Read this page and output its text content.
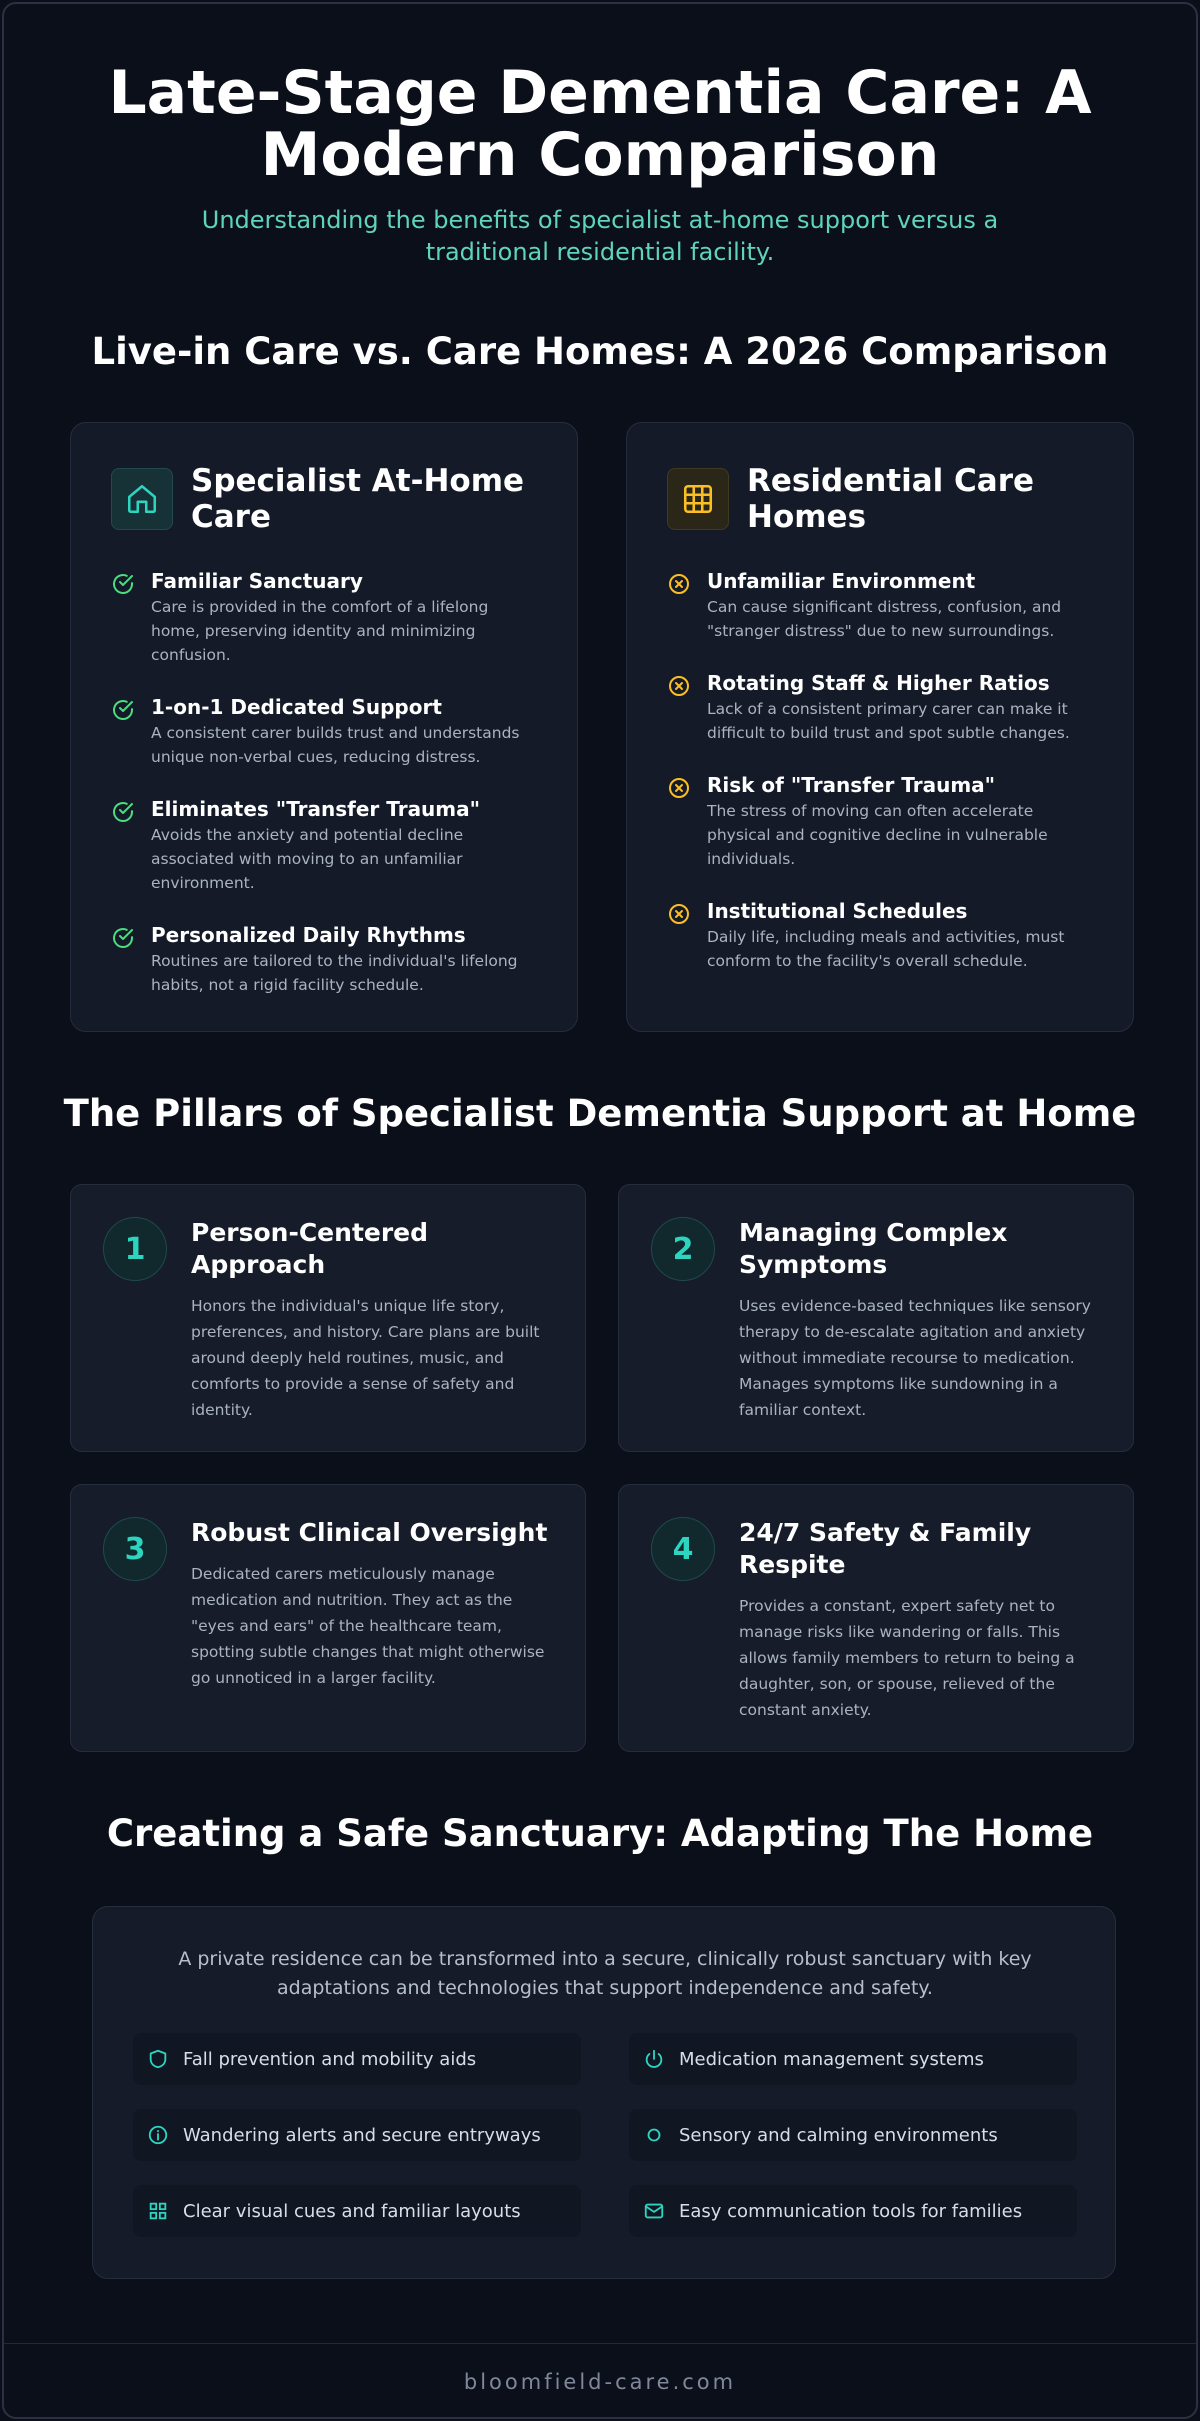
Late-Stage Dementia Care: A Modern Comparison

Understanding the benefits of specialist at-home support versus a traditional residential facility.

Live-in Care vs. Care Homes: A 2026 Comparison
Specialist At-Home Care
Familiar Sanctuary
Care is provided in the comfort of a lifelong home, preserving identity and minimizing confusion.
1-on-1 Dedicated Support
A consistent carer builds trust and understands unique non-verbal cues, reducing distress.
Eliminates "Transfer Trauma"
Avoids the anxiety and potential decline associated with moving to an unfamiliar environment.
Personalized Daily Rhythms
Routines are tailored to the individual's lifelong habits, not a rigid facility schedule.
Residential Care Homes
Unfamiliar Environment
Can cause significant distress, confusion, and "stranger distress" due to new surroundings.
Rotating Staff & Higher Ratios
Lack of a consistent primary carer can make it difficult to build trust and spot subtle changes.
Risk of "Transfer Trauma"
The stress of moving can often accelerate physical and cognitive decline in vulnerable individuals.
Institutional Schedules
Daily life, including meals and activities, must conform to the facility's overall schedule.
The Pillars of Specialist Dementia Support at Home
1	Person-Centered Approach
Honors the individual's unique life story, preferences, and history. Care plans are built around deeply held routines, music, and comforts to provide a sense of safety and identity.
2	Managing Complex Symptoms
Uses evidence-based techniques like sensory therapy to de-escalate agitation and anxiety without immediate recourse to medication. Manages symptoms like sundowning in a familiar context.
3	Robust Clinical Oversight
Dedicated carers meticulously manage medication and nutrition. They act as the "eyes and ears" of the healthcare team, spotting subtle changes that might otherwise go unnoticed in a larger facility.
4	24/7 Safety & Family Respite
Provides a constant, expert safety net to manage risks like wandering or falls. This allows family members to return to being a daughter, son, or spouse, relieved of the constant anxiety.
Creating a Safe Sanctuary: Adapting The Home

A private residence can be transformed into a secure, clinically robust sanctuary with key adaptations and technologies that support independence and safety.

Fall prevention and mobility aids	Medication management systems
Wandering alerts and secure entryways	Sensory and calming environments
Clear visual cues and familiar layouts	Easy communication tools for families
bloomfield-care.com
